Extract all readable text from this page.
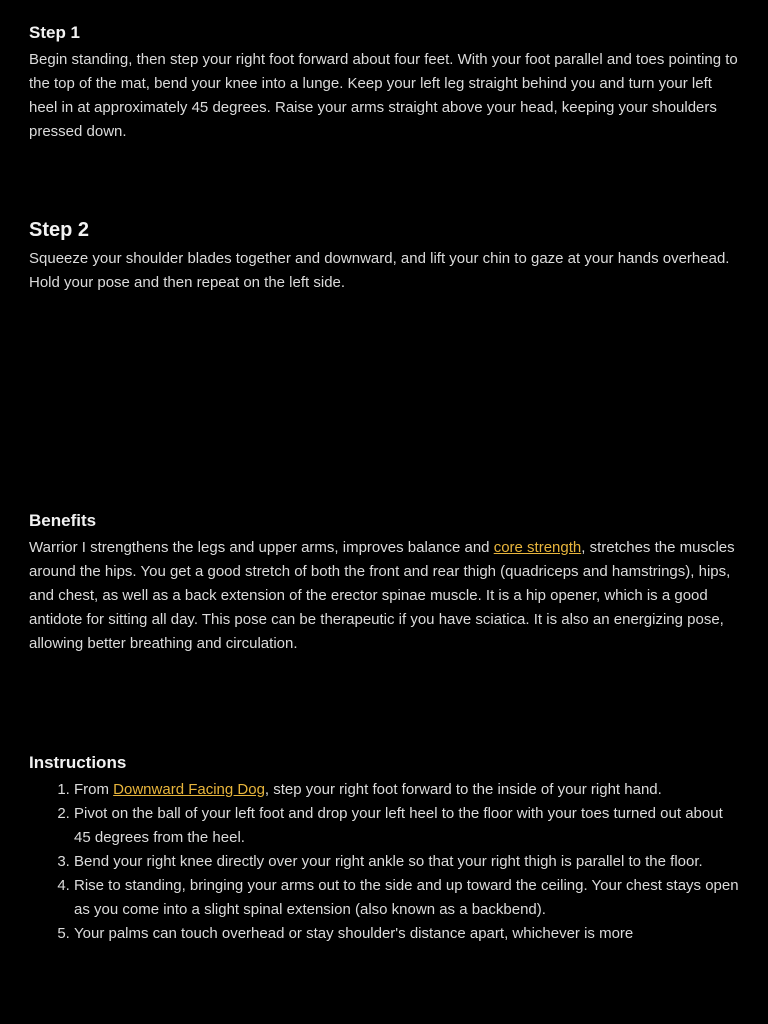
Step 1

Begin standing, then step your right foot forward about four feet. With your foot parallel and toes pointing to the top of the mat, bend your knee into a lunge. Keep your left leg straight behind you and turn your left heel in at approximately 45 degrees. Raise your arms straight above your head, keeping your shoulders pressed down.

Step 2

Squeeze your shoulder blades together and downward, and lift your chin to gaze at your hands overhead. Hold your pose and then repeat on the left side.

Benefits

Warrior I strengthens the legs and upper arms, improves balance and core strength, stretches the muscles around the hips. You get a good stretch of both the front and rear thigh (quadriceps and hamstrings), hips, and chest, as well as a back extension of the erector spinae muscle. It is a hip opener, which is a good antidote for sitting all day. This pose can be therapeutic if you have sciatica. It is also an energizing pose, allowing better breathing and circulation.

Instructions
1. From Downward Facing Dog, step your right foot forward to the inside of your right hand.
2. Pivot on the ball of your left foot and drop your left heel to the floor with your toes turned out about 45 degrees from the heel.
3. Bend your right knee directly over your right ankle so that your right thigh is parallel to the floor.
4. Rise to standing, bringing your arms out to the side and up toward the ceiling. Your chest stays open as you come into a slight spinal extension (also known as a backbend).
5. Your palms can touch overhead or stay shoulder's distance apart, whichever is more
